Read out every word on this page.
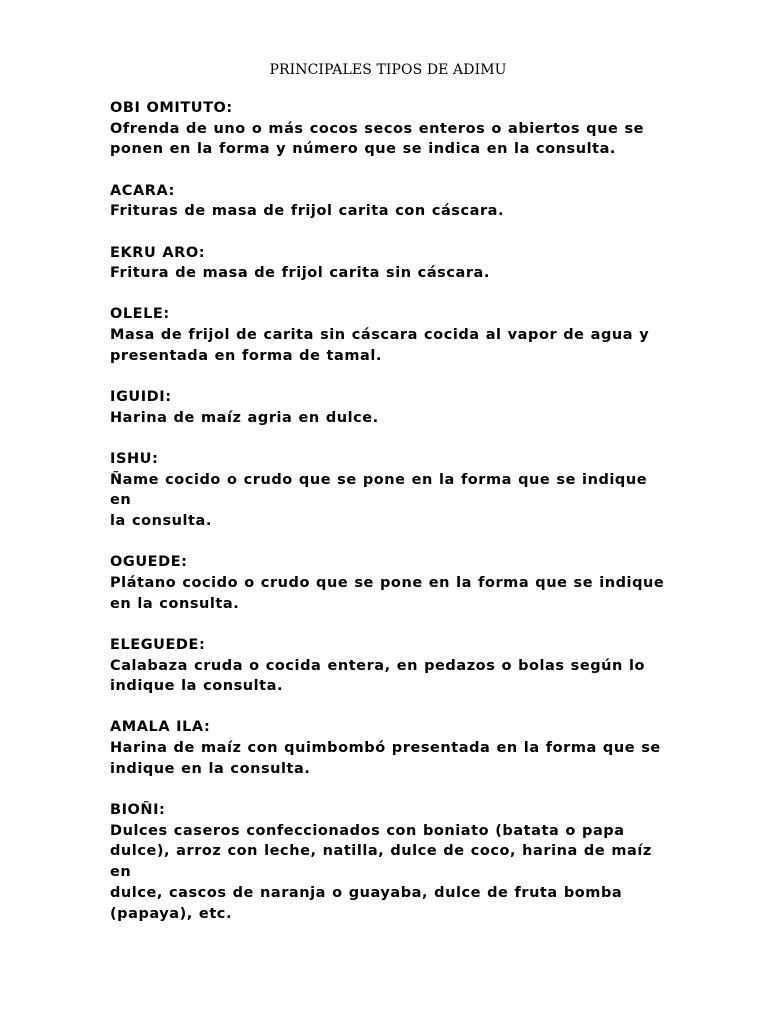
PRINCIPALES TIPOS DE ADIMU
OBI OMITUTO:
Ofrenda de uno o más cocos secos enteros o abiertos que se
ponen en la forma y número que se indica en la consulta.
ACARA:
Frituras de masa de frijol carita con cáscara.
EKRU ARO:
Fritura de masa de frijol carita sin cáscara.
OLELE:
Masa de frijol de carita sin cáscara cocida al vapor de agua y
presentada en forma de tamal.
IGUIDI:
Harina de maíz agria en dulce.
ISHU:
Ñame cocido o crudo que se pone en la forma que se indique en
la consulta.
OGUEDE:
Plátano cocido o crudo que se pone en la forma que se indique
en la consulta.
ELEGUEDE:
Calabaza cruda o cocida entera, en pedazos o bolas según lo
indique la consulta.
AMALA ILA:
Harina de maíz con quimbombó presentada en la forma que se
indique en la consulta.
BIOÑI:
Dulces caseros confeccionados con boniato (batata o papa
dulce), arroz con leche, natilla, dulce de coco, harina de maíz en
dulce, cascos de naranja o guayaba, dulce de fruta bomba
(papaya), etc.
